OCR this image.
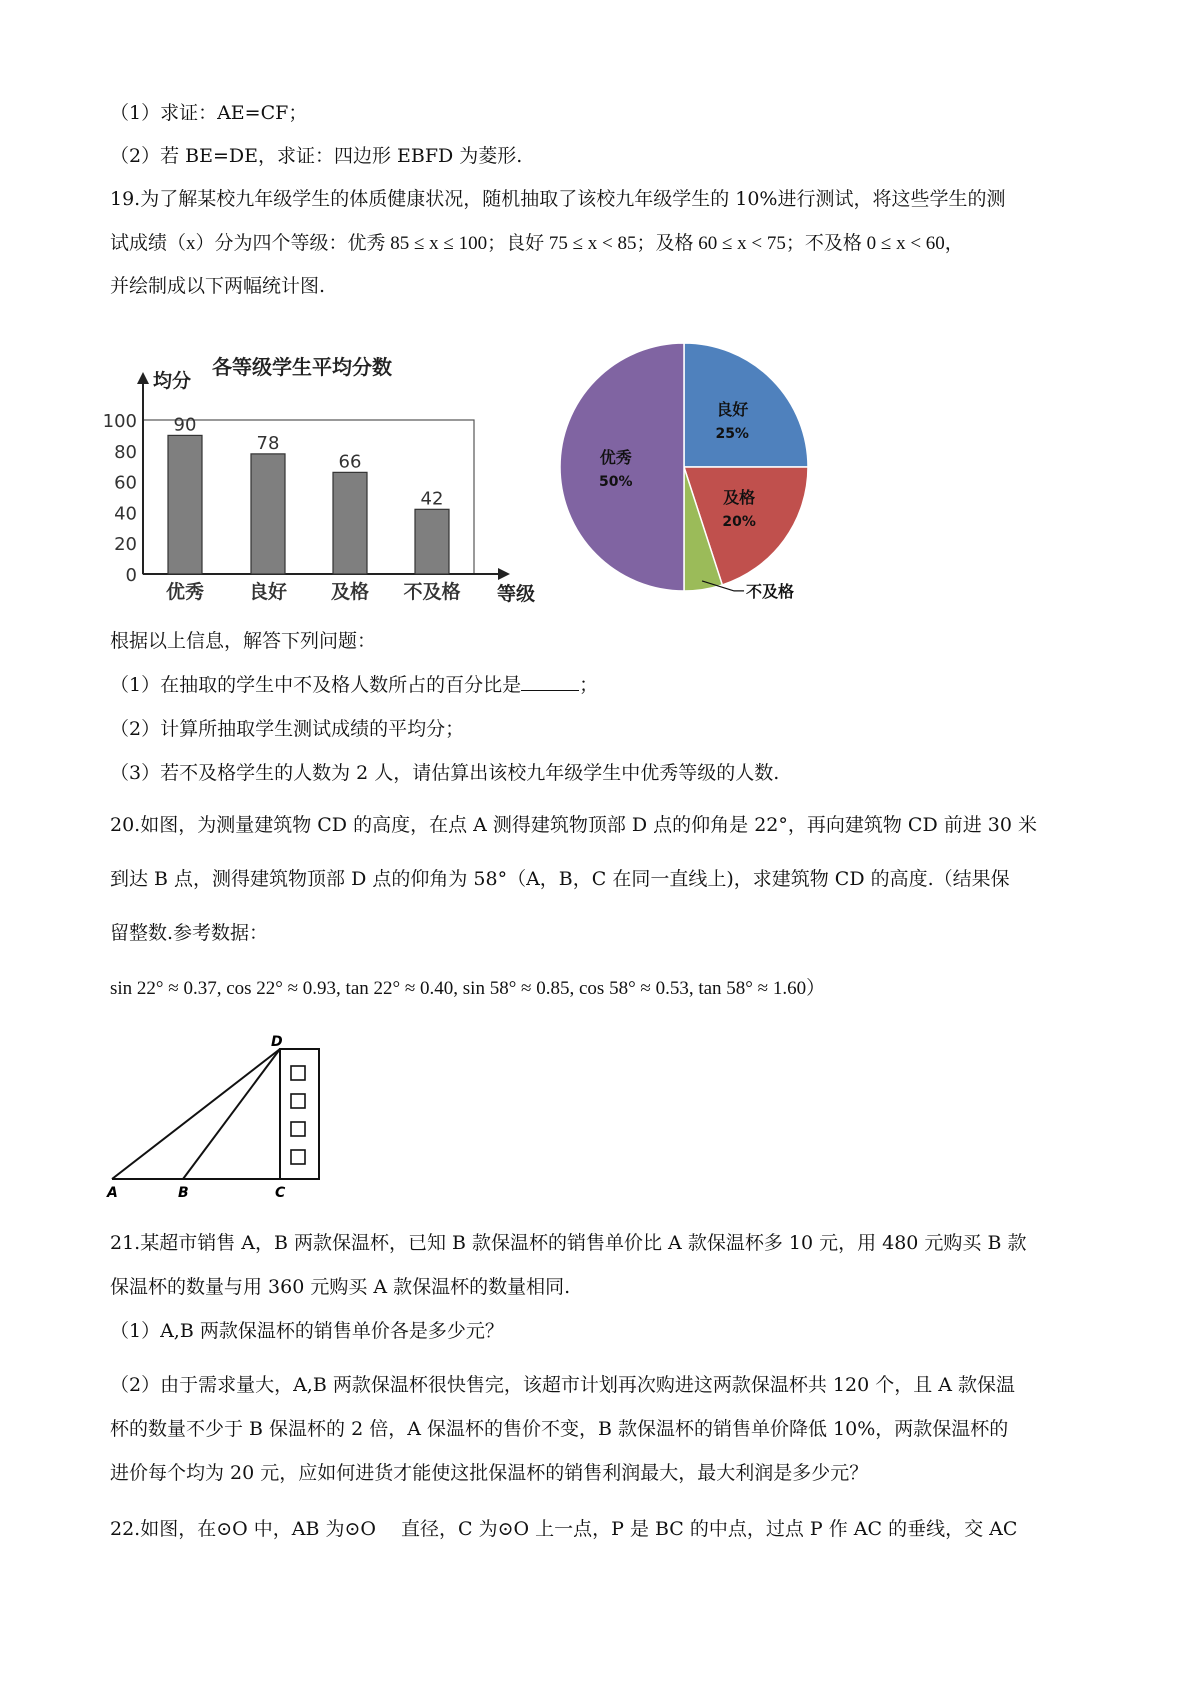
（1）求证：AE=CF；
（2）若 BE=DE，求证：四边形 EBFD 为菱形.
19.为了解某校九年级学生的体质健康状况，随机抽取了该校九年级学生的 10%进行测试，将这些学生的测
试成绩（x）分为四个等级：优秀 85 ≤ x ≤ 100；良好 75 ≤ x < 85；及格 60 ≤ x < 75；不及格 0 ≤ x < 60，
并绘制成以下两幅统计图.
均分
等级
100
80
60
40
20
0
90
优秀
78
良好
66
及格
42
不及格
各等级学生平均分数
良好
25%
及格
20%
不及格
优秀
50%
根据以上信息，解答下列问题：
（1）在抽取的学生中不及格人数所占的百分比是	；
（2）计算所抽取学生测试成绩的平均分；
（3）若不及格学生的人数为 2 人，请估算出该校九年级学生中优秀等级的人数.
20.如图，为测量建筑物 CD 的高度，在点 A 测得建筑物顶部 D 点的仰角是 22°，再向建筑物 CD 前进 30 米
到达 B 点，测得建筑物顶部 D 点的仰角为 58°（A，B，C 在同一直线上)，求建筑物 CD 的高度.（结果保
留整数.参考数据：
sin 22° ≈ 0.37, cos 22° ≈ 0.93, tan 22° ≈ 0.40, sin 58° ≈ 0.85, cos 58° ≈ 0.53, tan 58° ≈ 1.60）
D
A	B	C
21.某超市销售 A，B 两款保温杯，已知 B 款保温杯的销售单价比 A 款保温杯多 10 元，用 480 元购买 B 款
保温杯的数量与用 360 元购买 A 款保温杯的数量相同.
（1）A,B 两款保温杯的销售单价各是多少元？
（2）由于需求量大，A,B 两款保温杯很快售完，该超市计划再次购进这两款保温杯共 120 个，且 A 款保温
杯的数量不少于 B 保温杯的 2 倍，A 保温杯的售价不变，B 款保温杯的销售单价降低 10%，两款保温杯的
进价每个均为 20 元，应如何进货才能使这批保温杯的销售利润最大，最大利润是多少元？
22.如图，在⊙O 中，AB 为⊙O　 直径，C 为⊙O 上一点，P 是 BC 的中点，过点 P 作 AC 的垂线，交 AC
